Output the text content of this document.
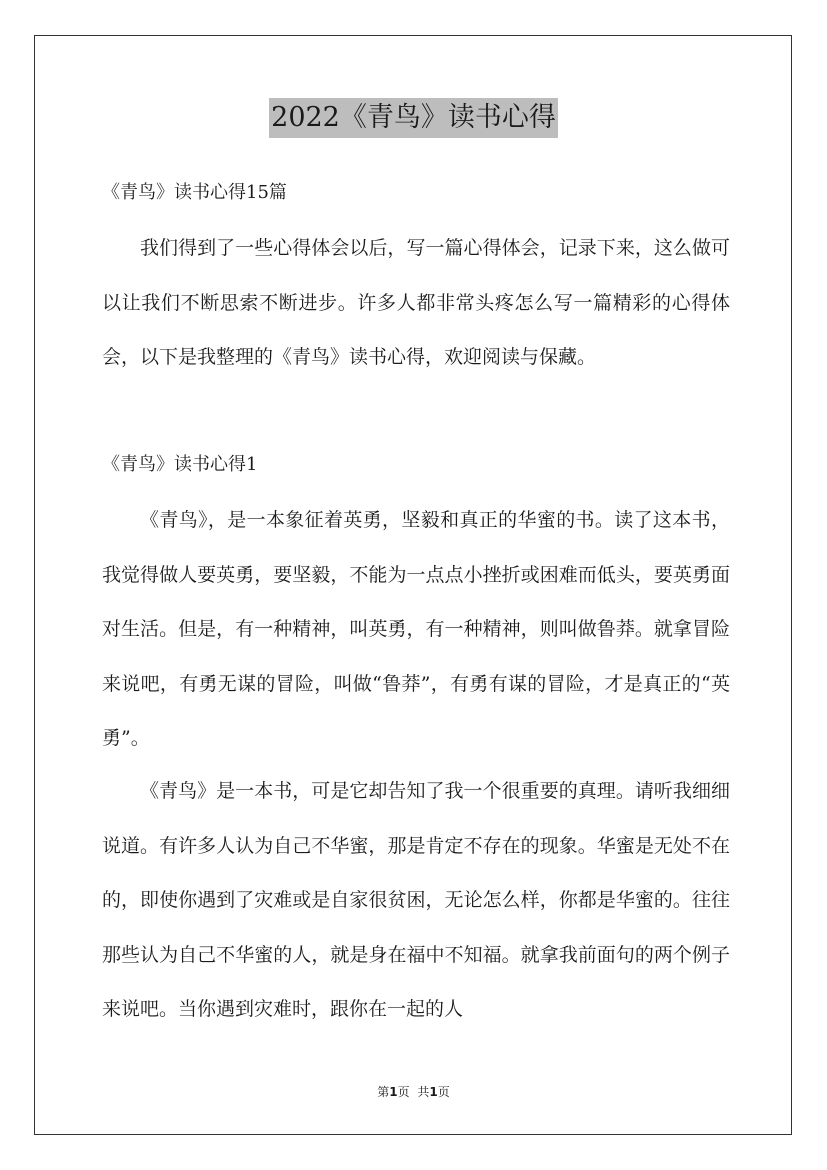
2022《青鸟》读书心得
《青鸟》读书心得15篇

我们得到了一些心得体会以后，写一篇心得体会，记录下来，这么做可以让我们不断思索不断进步。许多人都非常头疼怎么写一篇精彩的心得体会，以下是我整理的《青鸟》读书心得，欢迎阅读与保藏。

《青鸟》读书心得1

《青鸟》，是一本象征着英勇，坚毅和真正的华蜜的书。读了这本书，我觉得做人要英勇，要坚毅，不能为一点点小挫折或困难而低头，要英勇面对生活。但是，有一种精神，叫英勇，有一种精神，则叫做鲁莽。就拿冒险来说吧，有勇无谋的冒险，叫做“鲁莽”，有勇有谋的冒险，才是真正的“英勇”。

《青鸟》是一本书，可是它却告知了我一个很重要的真理。请听我细细说道。有许多人认为自己不华蜜，那是肯定不存在的现象。华蜜是无处不在的，即使你遇到了灾难或是自家很贫困，无论怎么样，你都是华蜜的。往往那些认为自己不华蜜的人，就是身在福中不知福。就拿我前面句的两个例子来说吧。当你遇到灾难时，跟你在一起的人

第1页 共1页
